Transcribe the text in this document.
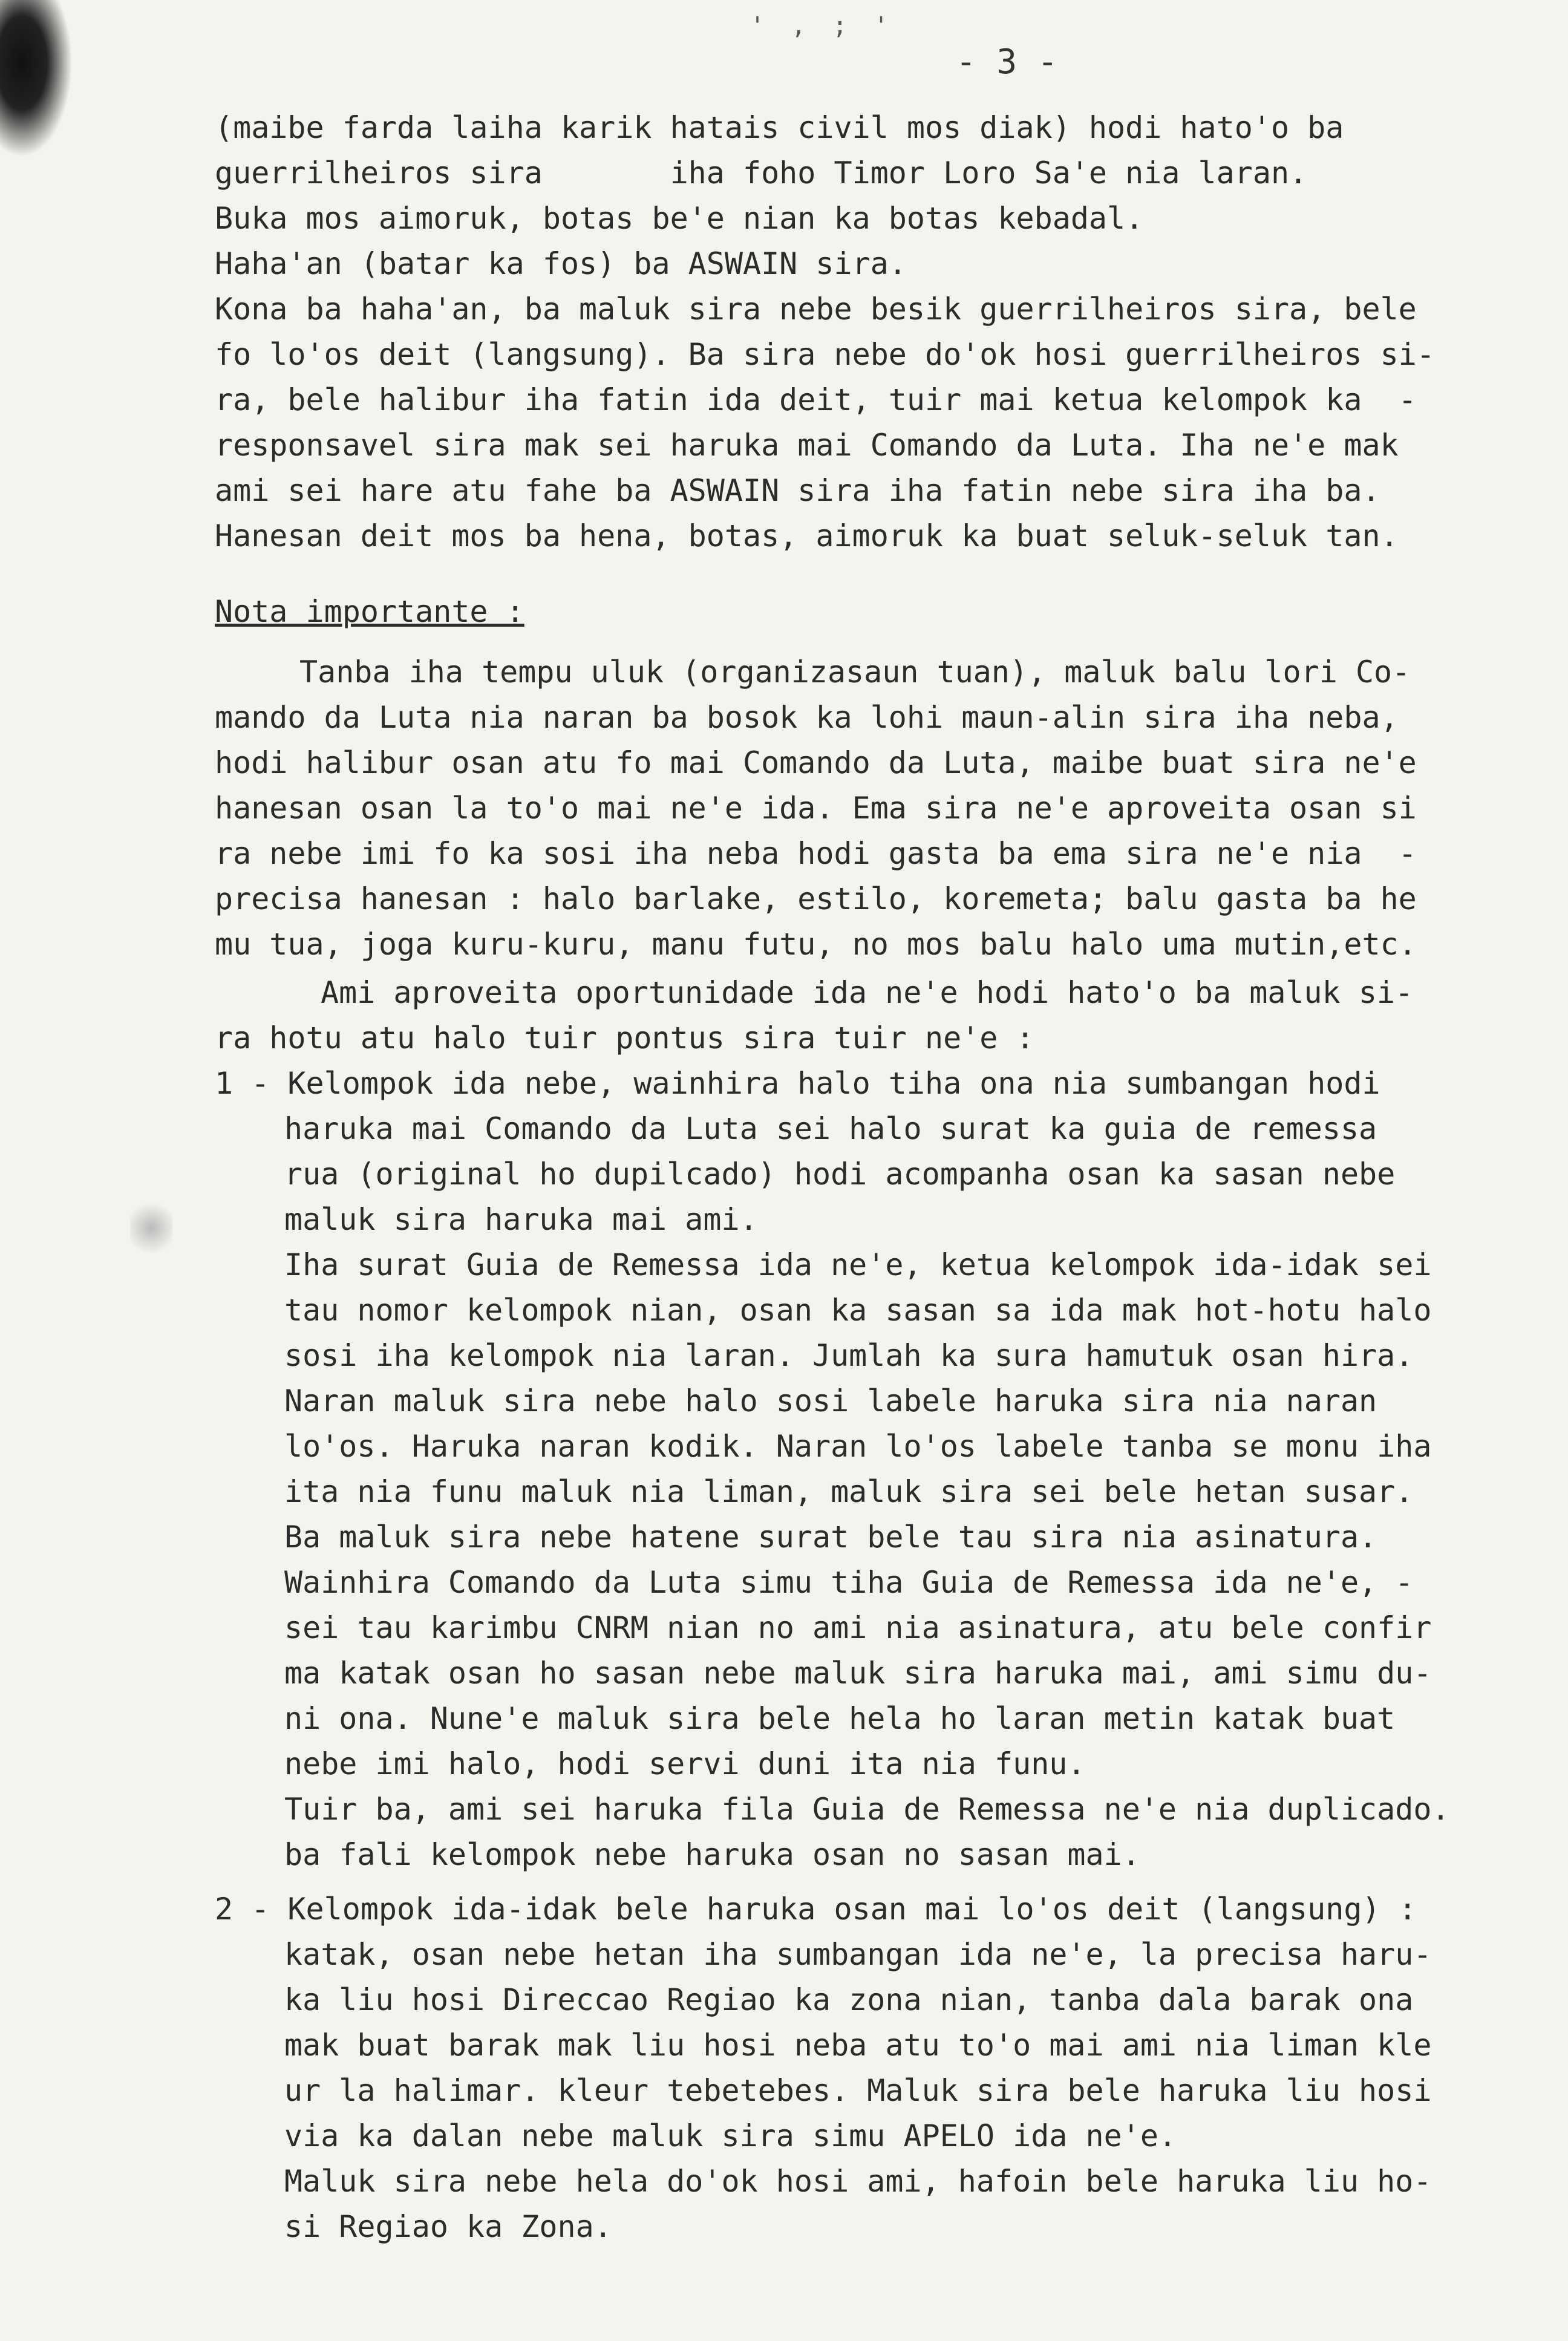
' , ; '
- 3 -
(maibe farda laiha karik hatais civil mos diak) hodi hato'o ba
guerrilheiros sira       iha foho Timor Loro Sa'e nia laran.
Buka mos aimoruk, botas be'e nian ka botas kebadal.
Haha'an (batar ka fos) ba ASWAIN sira.
Kona ba haha'an, ba maluk sira nebe besik guerrilheiros sira, bele
fo lo'os deit (langsung). Ba sira nebe do'ok hosi guerrilheiros si-
ra, bele halibur iha fatin ida deit, tuir mai ketua kelompok ka  -
responsavel sira mak sei haruka mai Comando da Luta. Iha ne'e mak
ami sei hare atu fahe ba ASWAIN sira iha fatin nebe sira iha ba.
Hanesan deit mos ba hena, botas, aimoruk ka buat seluk-seluk tan.
Nota importante :
Tanba iha tempu uluk (organizasaun tuan), maluk balu lori Co-
mando da Luta nia naran ba bosok ka lohi maun-alin sira iha neba,
hodi halibur osan atu fo mai Comando da Luta, maibe buat sira ne'e
hanesan osan la to'o mai ne'e ida. Ema sira ne'e aproveita osan si
ra nebe imi fo ka sosi iha neba hodi gasta ba ema sira ne'e nia  -
precisa hanesan : halo barlake, estilo, koremeta; balu gasta ba he
mu tua, joga kuru-kuru, manu futu, no mos balu halo uma mutin,etc.
Ami aproveita oportunidade ida ne'e hodi hato'o ba maluk si-
ra hotu atu halo tuir pontus sira tuir ne'e :
1 - Kelompok ida nebe, wainhira halo tiha ona nia sumbangan hodi
haruka mai Comando da Luta sei halo surat ka guia de remessa
rua (original ho dupilcado) hodi acompanha osan ka sasan nebe
maluk sira haruka mai ami.
Iha surat Guia de Remessa ida ne'e, ketua kelompok ida-idak sei
tau nomor kelompok nian, osan ka sasan sa ida mak hot-hotu halo
sosi iha kelompok nia laran. Jumlah ka sura hamutuk osan hira.
Naran maluk sira nebe halo sosi labele haruka sira nia naran
lo'os. Haruka naran kodik. Naran lo'os labele tanba se monu iha
ita nia funu maluk nia liman, maluk sira sei bele hetan susar.
Ba maluk sira nebe hatene surat bele tau sira nia asinatura.
Wainhira Comando da Luta simu tiha Guia de Remessa ida ne'e, -
sei tau karimbu CNRM nian no ami nia asinatura, atu bele confir
ma katak osan ho sasan nebe maluk sira haruka mai, ami simu du-
ni ona. Nune'e maluk sira bele hela ho laran metin katak buat
nebe imi halo, hodi servi duni ita nia funu.
Tuir ba, ami sei haruka fila Guia de Remessa ne'e nia duplicado.
ba fali kelompok nebe haruka osan no sasan mai.
2 - Kelompok ida-idak bele haruka osan mai lo'os deit (langsung) :
katak, osan nebe hetan iha sumbangan ida ne'e, la precisa haru-
ka liu hosi Direccao Regiao ka zona nian, tanba dala barak ona
mak buat barak mak liu hosi neba atu to'o mai ami nia liman kle
ur la halimar. kleur tebetebes. Maluk sira bele haruka liu hosi
via ka dalan nebe maluk sira simu APELO ida ne'e.
Maluk sira nebe hela do'ok hosi ami, hafoin bele haruka liu ho-
si Regiao ka Zona.
